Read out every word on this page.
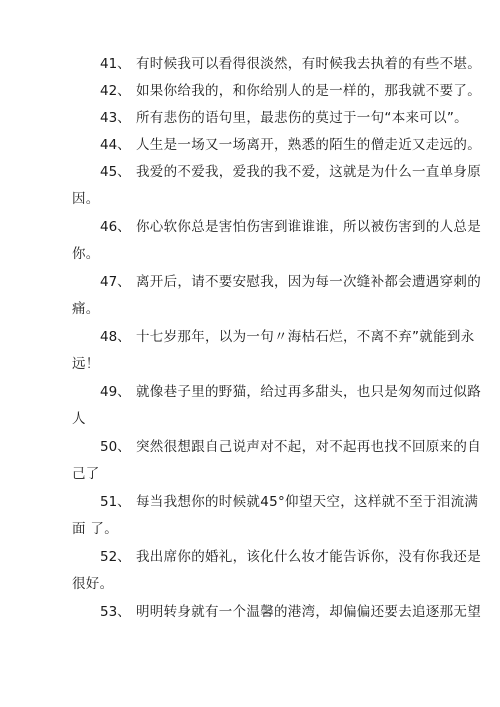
41、 有时候我可以看得很淡然，有时候我去执着的有些不堪。
42、 如果你给我的，和你给别人的是一样的，那我就不要了。
43、 所有悲伤的语句里，最悲伤的莫过于一句“本来可以”。
44、 人生是一场又一场离开，熟悉的陌生的僧走近又走远的。
45、 我爱的不爱我，爱我的我不爱，这就是为什么一直单身原
因。
46、 你心软你总是害怕伤害到谁谁谁，所以被伤害到的人总是
你。
47、 离开后，请不要安慰我，因为每一次缝补都会遭遇穿刺的
痛。
48、 十七岁那年，以为一句〃海枯石烂，不离不弃”就能到永
远！
49、 就像巷子里的野猫，给过再多甜头，也只是匆匆而过似路
人
50、 突然很想跟自己说声对不起，对不起再也找不回原来的自
己了
51、 每当我想你的时候就45°仰望天空，这样就不至于泪流满
面 了。
52、 我出席你的婚礼，该化什么妆才能告诉你，没有你我还是
很好。
53、 明明转身就有一个温馨的港湾，却偏偏还要去追逐那无望
